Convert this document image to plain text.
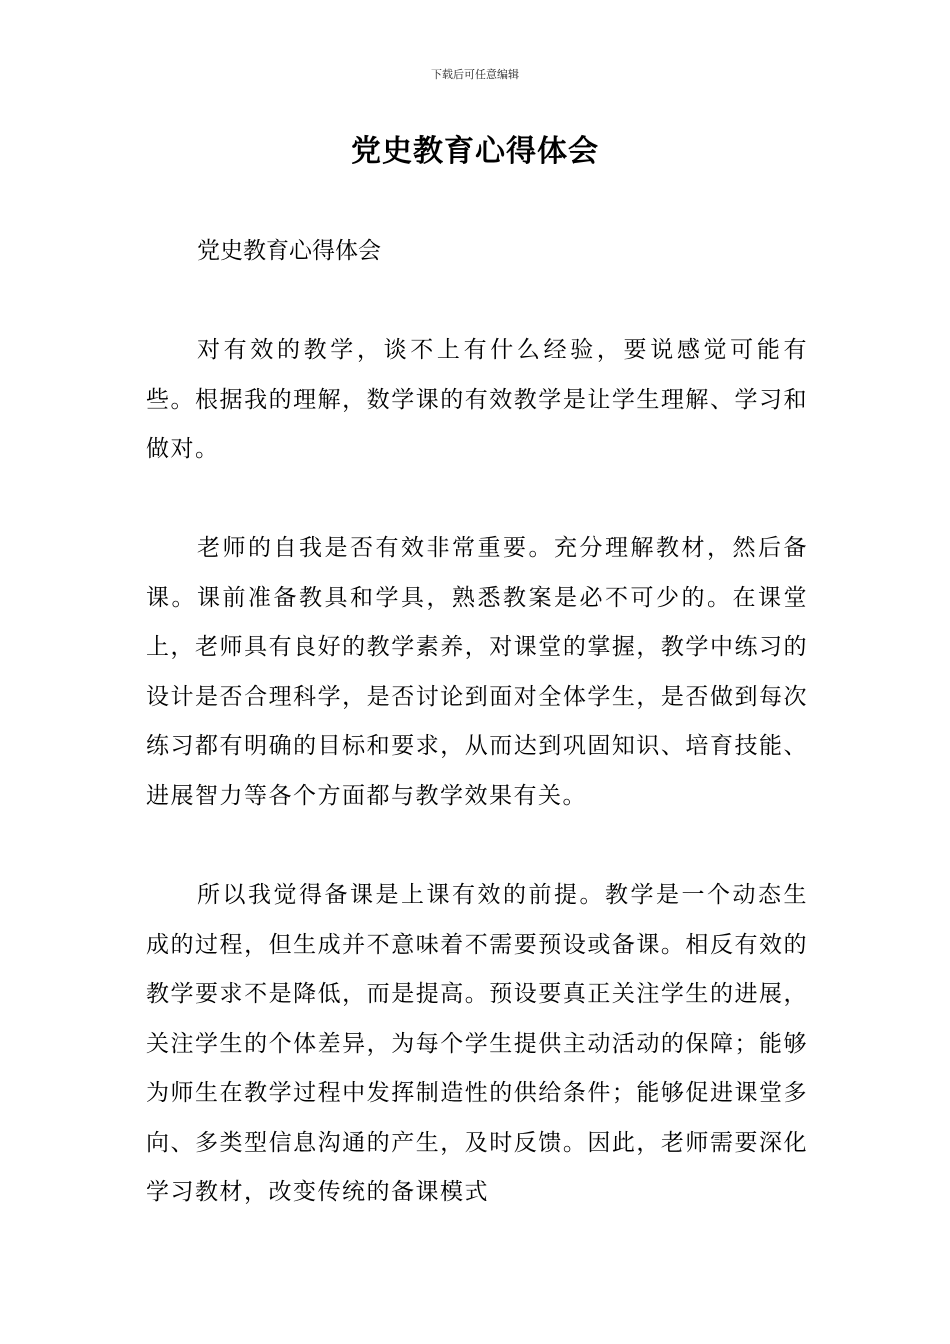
下载后可任意编辑
党史教育心得体会
党史教育心得体会

对有效的教学，谈不上有什么经验，要说感觉可能有些。根据我的理解，数学课的有效教学是让学生理解、学习和做对。

老师的自我是否有效非常重要。充分理解教材，然后备课。课前准备教具和学具，熟悉教案是必不可少的。在课堂上，老师具有良好的教学素养，对课堂的掌握，教学中练习的设计是否合理科学，是否讨论到面对全体学生，是否做到每次练习都有明确的目标和要求，从而达到巩固知识、培育技能、进展智力等各个方面都与教学效果有关。

所以我觉得备课是上课有效的前提。教学是一个动态生成的过程，但生成并不意味着不需要预设或备课。相反有效的教学要求不是降低，而是提高。预设要真正关注学生的进展，关注学生的个体差异，为每个学生提供主动活动的保障；能够为师生在教学过程中发挥制造性的供给条件；能够促进课堂多向、多类型信息沟通的产生，及时反馈。因此，老师需要深化学习教材，改变传统的备课模式
